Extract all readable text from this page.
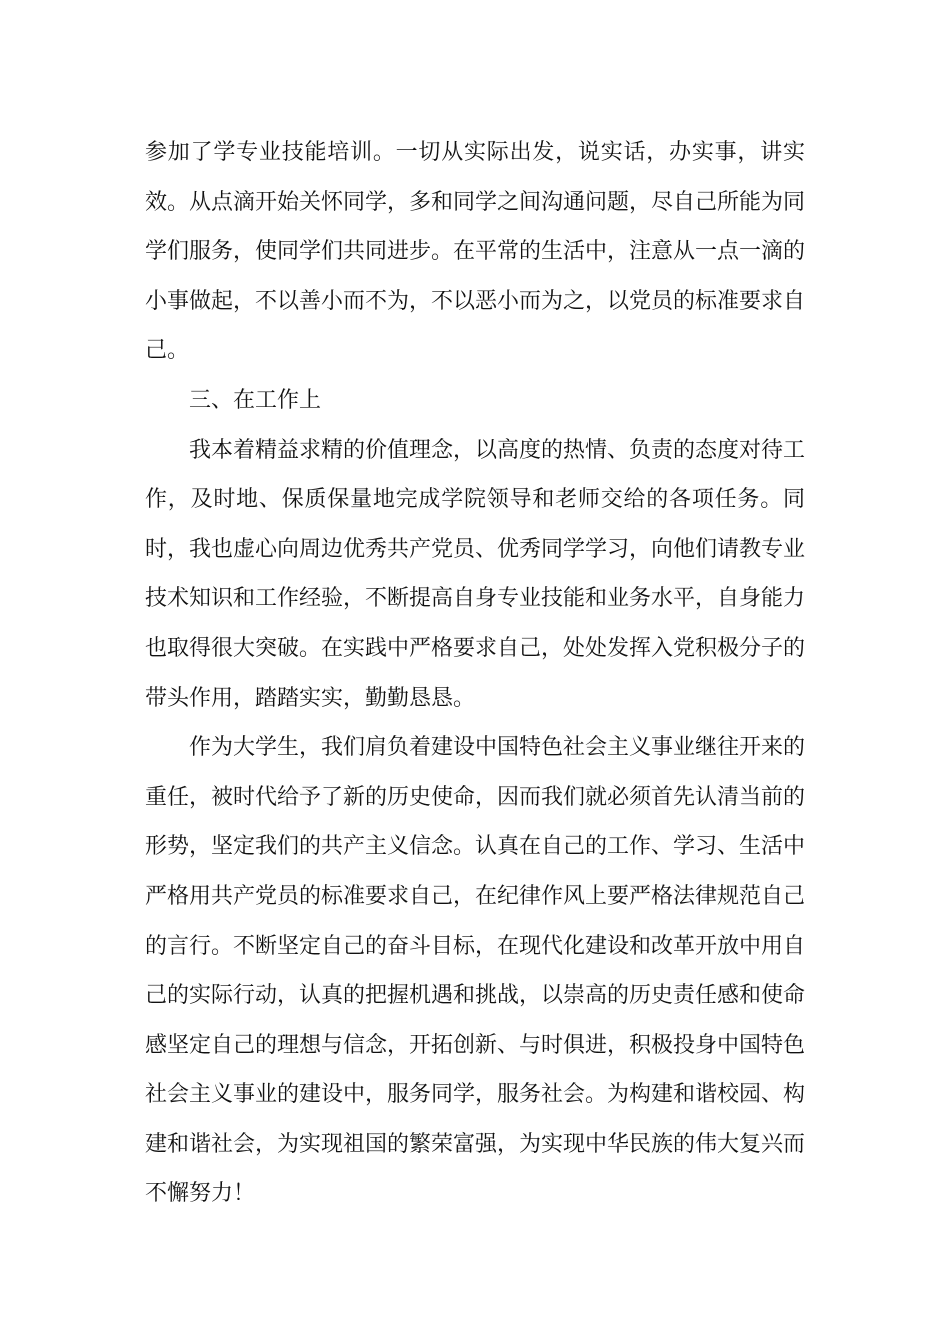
参加了学专业技能培训。一切从实际出发，说实话，办实事，讲实效。从点滴开始关怀同学，多和同学之间沟通问题，尽自己所能为同学们服务，使同学们共同进步。在平常的生活中，注意从一点一滴的小事做起，不以善小而不为，不以恶小而为之，以党员的标准要求自己。

三、在工作上

我本着精益求精的价值理念，以高度的热情、负责的态度对待工作，及时地、保质保量地完成学院领导和老师交给的各项任务。同时，我也虚心向周边优秀共产党员、优秀同学学习，向他们请教专业技术知识和工作经验，不断提高自身专业技能和业务水平，自身能力也取得很大突破。在实践中严格要求自己，处处发挥入党积极分子的带头作用，踏踏实实，勤勤恳恳。

作为大学生，我们肩负着建设中国特色社会主义事业继往开来的重任，被时代给予了新的历史使命，因而我们就必须首先认清当前的形势，坚定我们的共产主义信念。认真在自己的工作、学习、生活中严格用共产党员的标准要求自己，在纪律作风上要严格法律规范自己的言行。不断坚定自己的奋斗目标，在现代化建设和改革开放中用自己的实际行动，认真的把握机遇和挑战，以崇高的历史责任感和使命感坚定自己的理想与信念，开拓创新、与时俱进，积极投身中国特色社会主义事业的建设中，服务同学，服务社会。为构建和谐校园、构建和谐社会，为实现祖国的繁荣富强，为实现中华民族的伟大复兴而不懈努力！
